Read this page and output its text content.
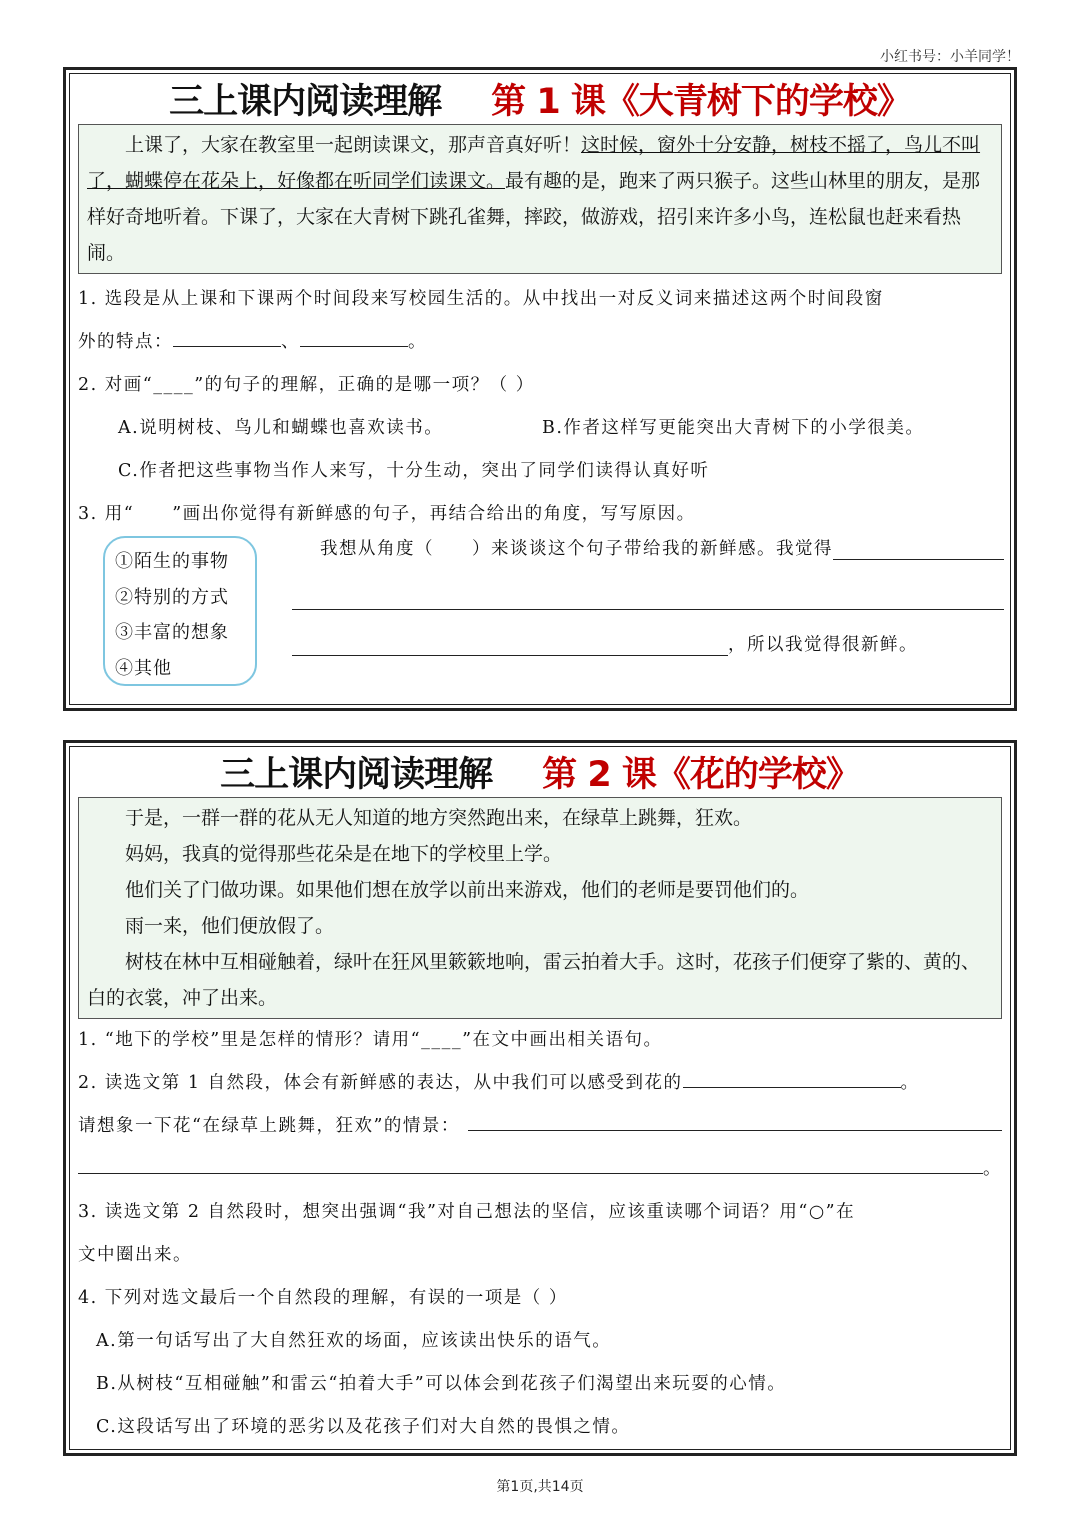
小红书号：小羊同学！
三上课内阅读理解 第 1 课《大青树下的学校》

上课了，大家在教室里一起朗读课文，那声音真好听！这时候，窗外十分安静，树枝不摇了，鸟儿不叫了，蝴蝶停在花朵上，好像都在听同学们读课文。最有趣的是，跑来了两只猴子。这些山林里的朋友，是那样好奇地听着。下课了，大家在大青树下跳孔雀舞，摔跤，做游戏，招引来许多小鸟，连松鼠也赶来看热闹。

1. 选段是从上课和下课两个时间段来写校园生活的。从中找出一对反义词来描述这两个时间段窗
外的特点：	、	。
2. 对画“____”的句子的理解，正确的是哪一项？（ ）
A.说明树枝、鸟儿和蝴蝶也喜欢读书。	B.作者这样写更能突出大青树下的小学很美。
C.作者把这些事物当作人来写，十分生动，突出了同学们读得认真好听
3. 用“　　”画出你觉得有新鲜感的句子，再结合给出的角度，写写原因。
①陌生的事物
②特别的方式
③丰富的想象
④其他
我想从角度（　　）来谈谈这个句子带给我的新鲜感。我觉得
，所以我觉得很新鲜。
三上课内阅读理解 第 2 课《花的学校》

于是，一群一群的花从无人知道的地方突然跑出来，在绿草上跳舞，狂欢。

妈妈，我真的觉得那些花朵是在地下的学校里上学。

他们关了门做功课。如果他们想在放学以前出来游戏，他们的老师是要罚他们的。

雨一来，他们便放假了。

树枝在林中互相碰触着，绿叶在狂风里簌簌地响，雷云拍着大手。这时，花孩子们便穿了紫的、黄的、白的衣裳，冲了出来。

1. “地下的学校”里是怎样的情形？请用“____”在文中画出相关语句。
2. 读选文第 1 自然段，体会有新鲜感的表达，从中我们可以感受到花的	。
请想象一下花“在绿草上跳舞，狂欢”的情景：
。
3. 读选文第 2 自然段时，想突出强调“我”对自己想法的坚信，应该重读哪个词语？用“○”在
文中圈出来。
4. 下列对选文最后一个自然段的理解，有误的一项是（ ）
A.第一句话写出了大自然狂欢的场面，应该读出快乐的语气。
B.从树枝“互相碰触”和雷云“拍着大手”可以体会到花孩子们渴望出来玩耍的心情。
C.这段话写出了环境的恶劣以及花孩子们对大自然的畏惧之情。
第1页,共14页
